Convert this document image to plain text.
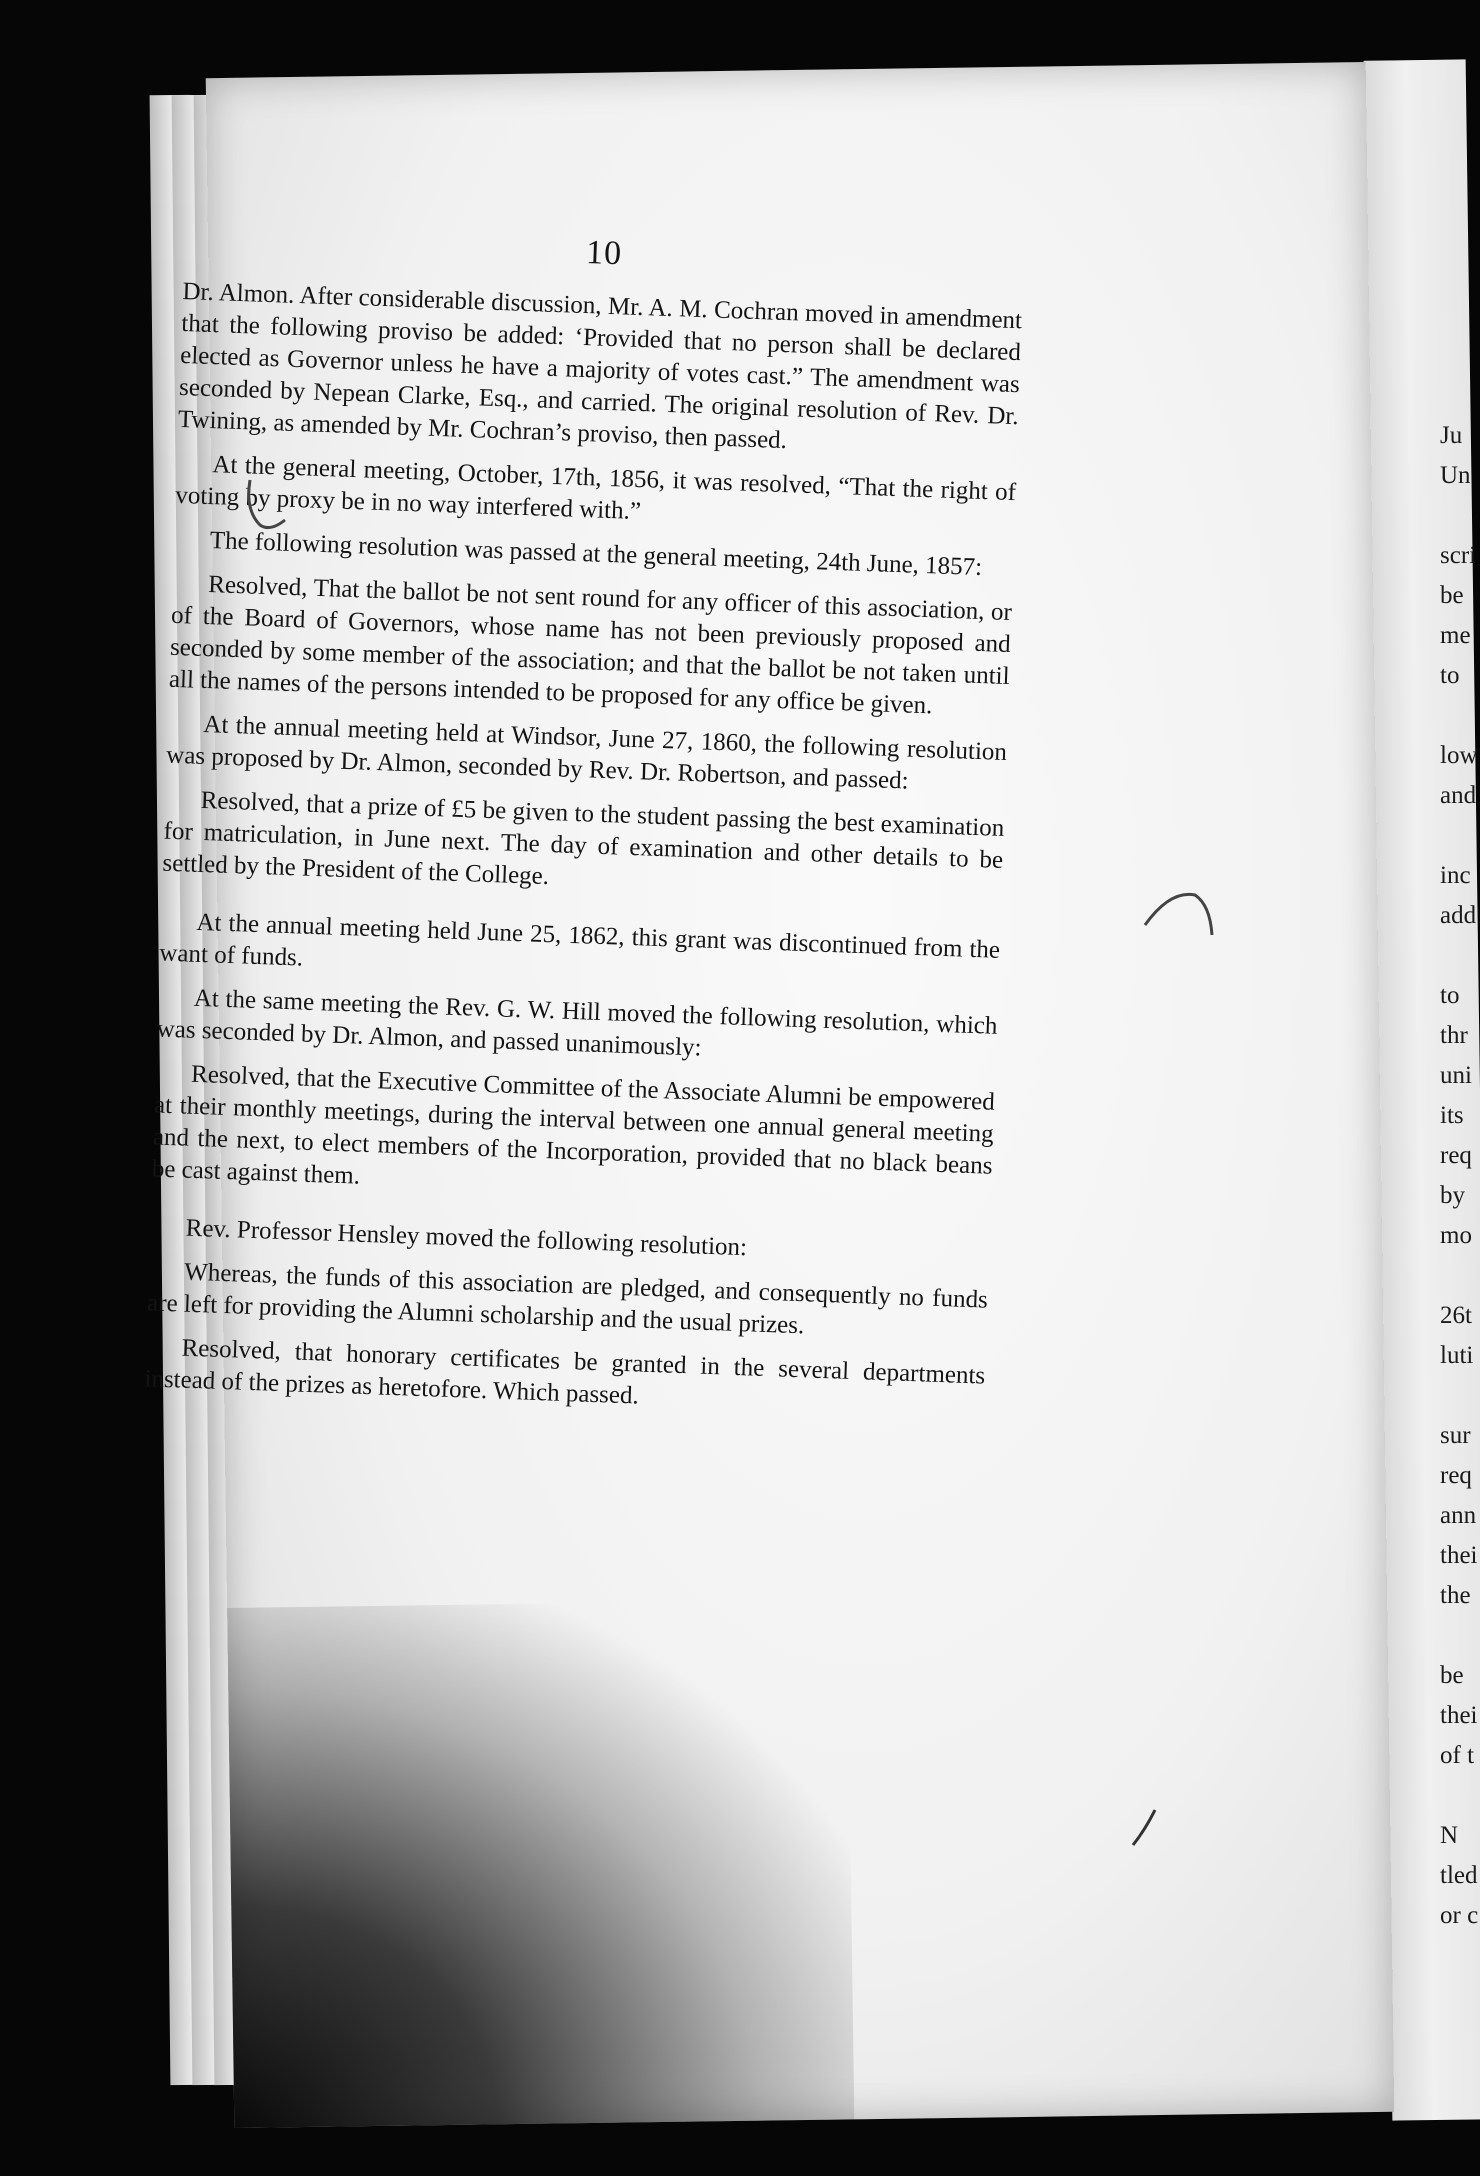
10

Dr. Almon. After considerable discussion, Mr. A. M. Cochran moved in amendment that the following proviso be added: ‘Provided that no person shall be declared elected as Governor unless he have a majority of votes cast.” The amendment was seconded by Nepean Clarke, Esq., and carried. The original resolution of Rev. Dr. Twining, as amended by Mr. Cochran’s proviso, then passed.

At the general meeting, October, 17th, 1856, it was resolved, “That the right of voting by proxy be in no way interfered with.”

The following resolution was passed at the general meeting, 24th June, 1857:

Resolved, That the ballot be not sent round for any officer of this association, or of the Board of Governors, whose name has not been previously proposed and seconded by some member of the association; and that the ballot be not taken until all the names of the persons intended to be proposed for any office be given.

At the annual meeting held at Windsor, June 27, 1860, the following resolution was proposed by Dr. Almon, seconded by Rev. Dr. Robertson, and passed:

Resolved, that a prize of £5 be given to the student passing the best examination for matriculation, in June next. The day of examination and other details to be settled by the President of the College.

At the annual meeting held June 25, 1862, this grant was discontinued from the want of funds.

At the same meeting the Rev. G. W. Hill moved the following resolution, which was seconded by Dr. Almon, and passed unanimously:

Resolved, that the Executive Committee of the Associate Alumni be empowered at their monthly meetings, during the interval between one annual general meeting and the next, to elect members of the Incorporation, provided that no black beans be cast against them.

Rev. Professor Hensley moved the following resolution:

Whereas, the funds of this association are pledged, and consequently no funds are left for providing the Alumni scholarship and the usual prizes.

Resolved, that honorary certificates be granted in the several departments instead of the prizes as heretofore. Which passed.

Ju
Un
scri
be
me
to
low
and
inc
add
to
thr
uni
its
req
by
mo
26t
luti
sur
req
ann
thei
the
be
thei
of t
N
tled
or c
